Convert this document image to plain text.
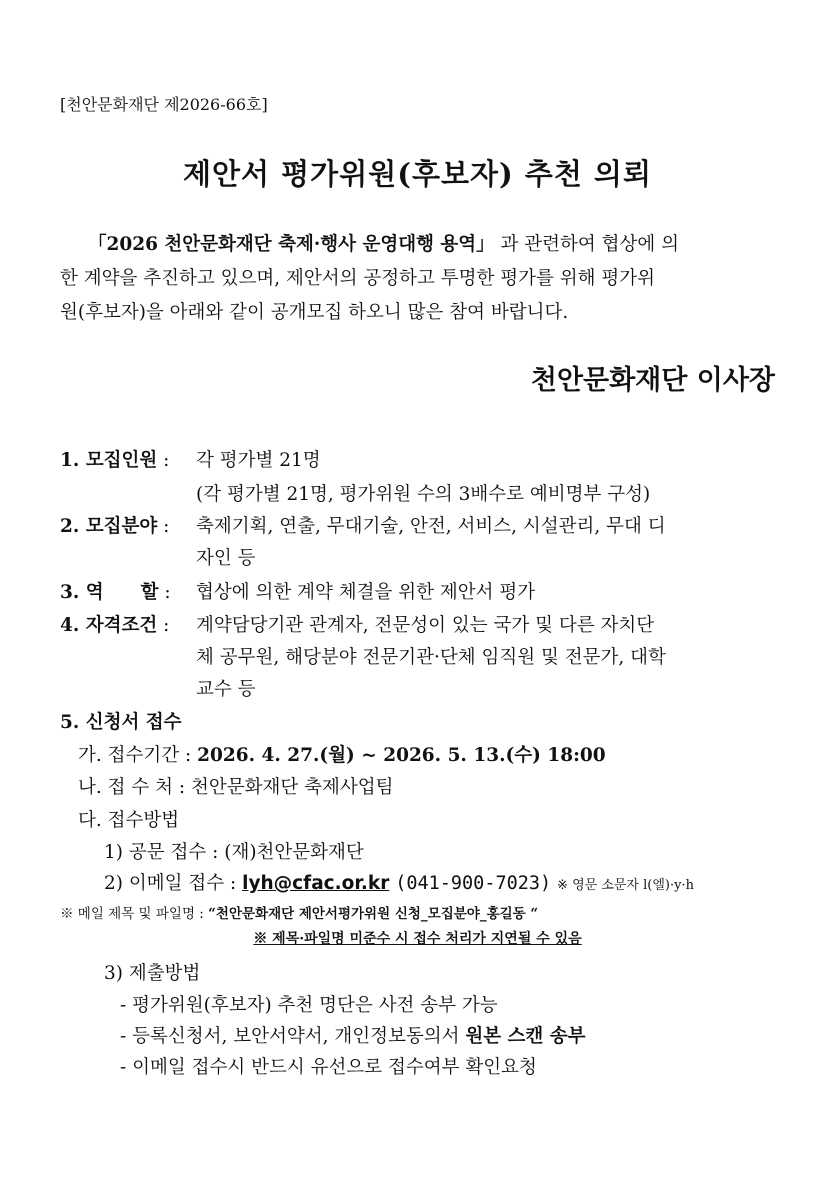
[천안문화재단 제2026-66호]
제안서 평가위원(후보자) 추천 의뢰
「2026 천안문화재단 축제·행사 운영대행 용역」 과 관련하여 협상에 의
한 계약을 추진하고 있으며, 제안서의 공정하고 투명한 평가를 위해 평가위
원(후보자)을 아래와 같이 공개모집 하오니 많은 참여 바랍니다.
천안문화재단 이사장
1. 모집인원 : 각 평가별 21명
(각 평가별 21명, 평가위원 수의 3배수로 예비명부 구성)
2. 모집분야 : 축제기획, 연출, 무대기술, 안전, 서비스, 시설관리, 무대 디
자인 등
3. 역　　할 : 협상에 의한 계약 체결을 위한 제안서 평가
4. 자격조건 : 계약담당기관 관계자, 전문성이 있는 국가 및 다른 자치단
체 공무원, 해당분야 전문기관·단체 임직원 및 전문가, 대학
교수 등
5. 신청서 접수
가. 접수기간 : 2026. 4. 27.(월) ~ 2026. 5. 13.(수) 18:00
나. 접 수 처 : 천안문화재단 축제사업팀
다. 접수방법
1) 공문 접수 : (재)천안문화재단
2) 이메일 접수 : lyh@cfac.or.kr (041-900-7023) ※ 영문 소문자 l(엘)·y·h
※ 메일 제목 및 파일명 : “천안문화재단 제안서평가위원 신청_모집분야_홍길동 “
※ 제목·파일명 미준수 시 접수 처리가 지연될 수 있음
3) 제출방법
- 평가위원(후보자) 추천 명단은 사전 송부 가능
- 등록신청서, 보안서약서, 개인정보동의서 원본 스캔 송부
- 이메일 접수시 반드시 유선으로 접수여부 확인요청
